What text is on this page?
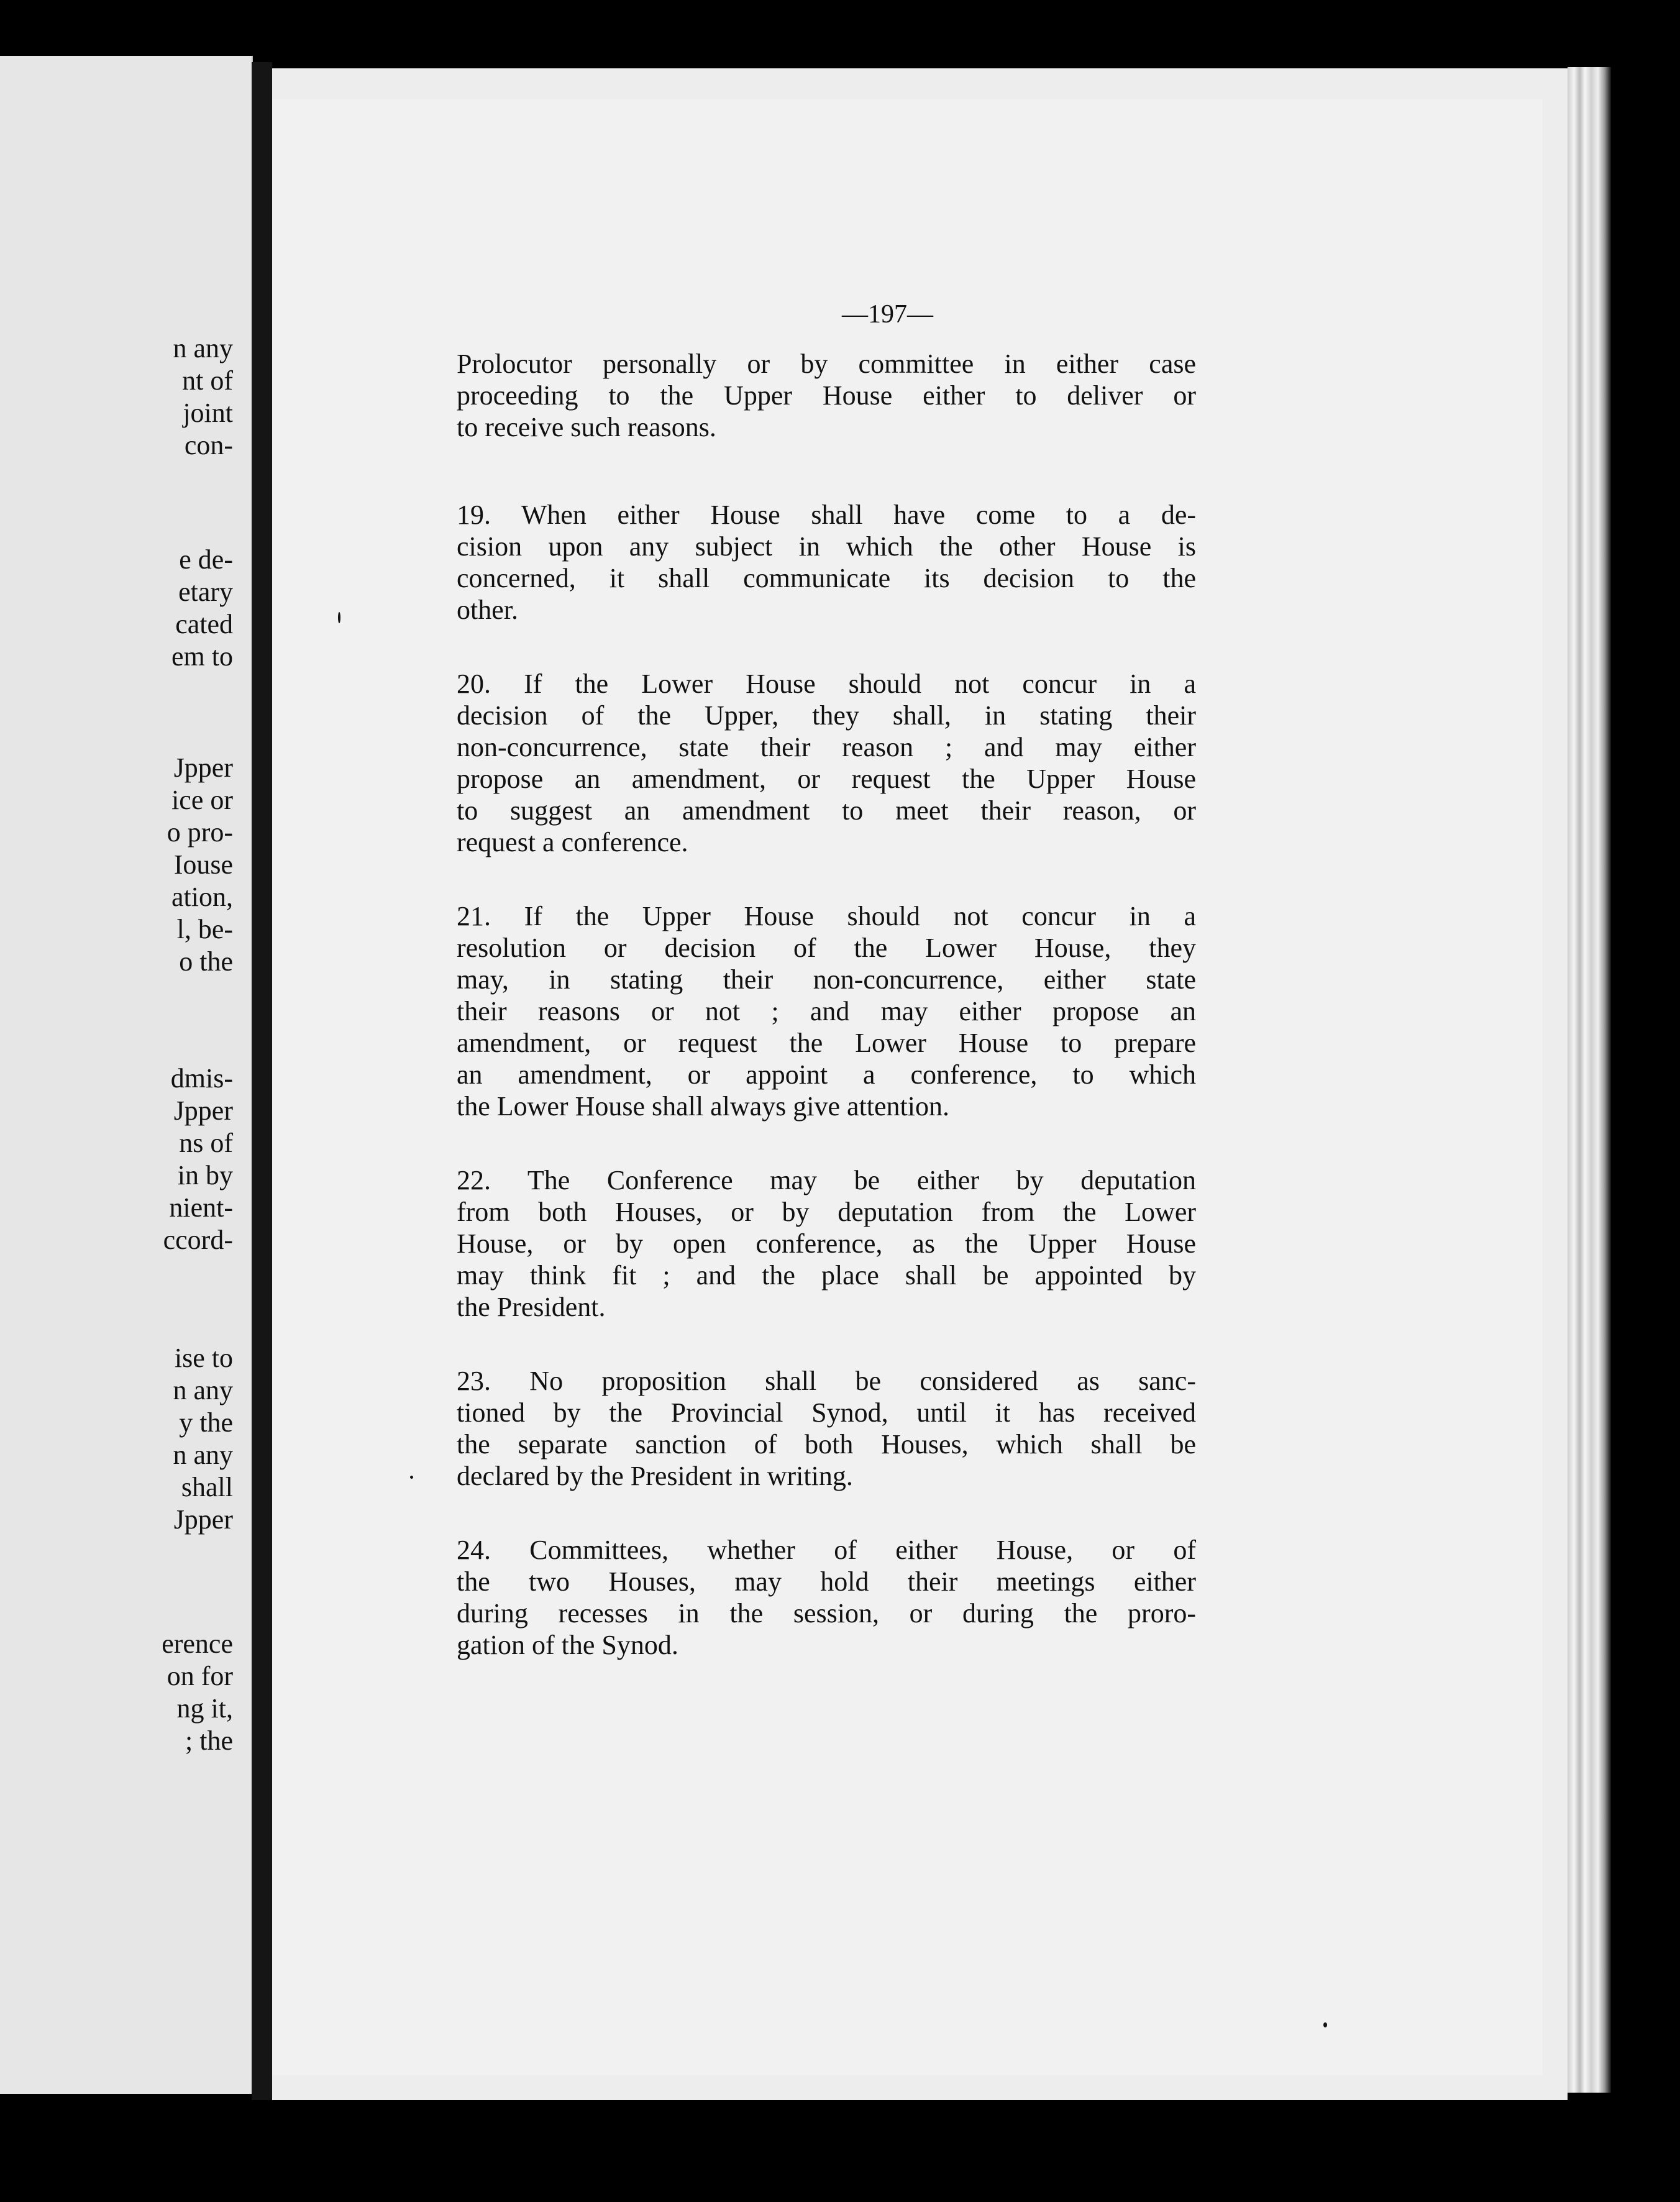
n any
nt of
joint
con-
e de-
etary
cated
em to
Jpper
ice or
o pro-
Iouse
ation,
l, be-
o the
dmis-
Jpper
ns of
in by
nient-
ccord-
ise to
n any
y the
n any
shall
Jpper
erence
on for
ng it,
; the
—197—
Prolocutor personally or by committee in either case
proceeding to the Upper House either to deliver or
to receive such reasons.
19. When either House shall have come to a de-
cision upon any subject in which the other House is
concerned, it shall communicate its decision to the
other.
20. If the Lower House should not concur in a
decision of the Upper, they shall, in stating their
non-concurrence, state their reason ; and may either
propose an amendment, or request the Upper House
to suggest an amendment to meet their reason, or
request a conference.
21. If the Upper House should not concur in a
resolution or decision of the Lower House, they
may, in stating their non-concurrence, either state
their reasons or not ; and may either propose an
amendment, or request the Lower House to prepare
an amendment, or appoint a conference, to which
the Lower House shall always give attention.
22. The Conference may be either by deputation
from both Houses, or by deputation from the Lower
House, or by open conference, as the Upper House
may think fit ; and the place shall be appointed by
the President.
23. No proposition shall be considered as sanc-
tioned by the Provincial Synod, until it has received
the separate sanction of both Houses, which shall be
declared by the President in writing.
24. Committees, whether of either House, or of
the two Houses, may hold their meetings either
during recesses in the session, or during the proro-
gation of the Synod.
